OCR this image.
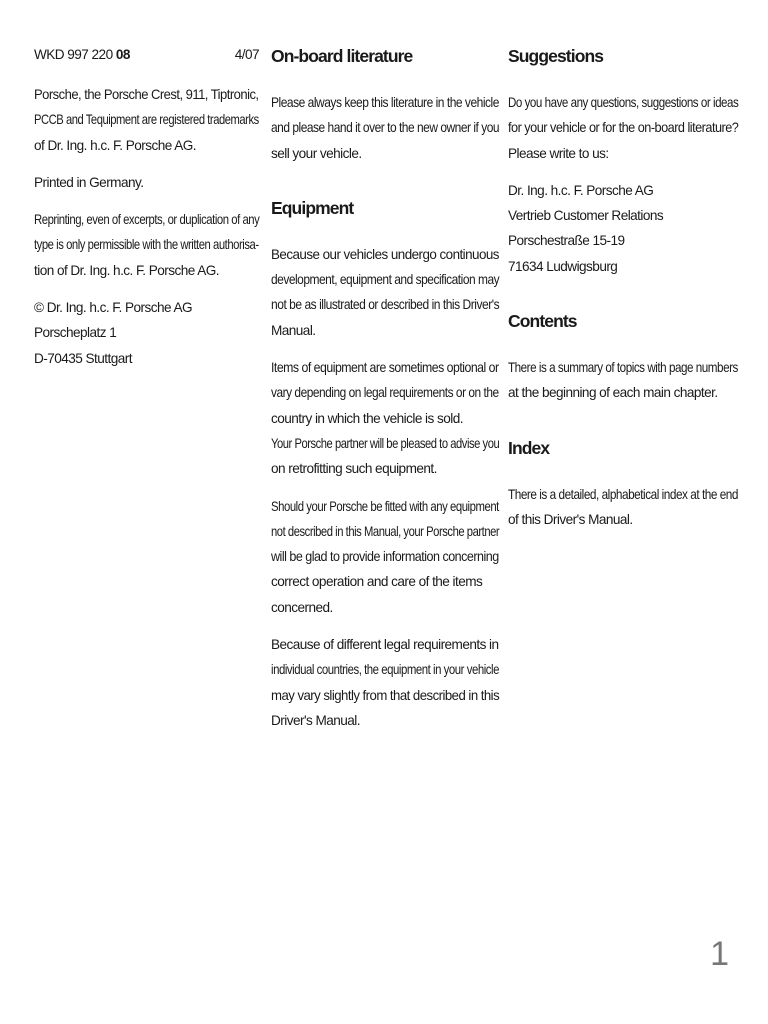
WKD 997 220 08	4/07

Porsche, the Porsche Crest, 911, Tiptronic,
PCCB and Tequipment are registered trademarks
of Dr. Ing. h.c. F. Porsche AG.

Printed in Germany.

Reprinting, even of excerpts, or duplication of any
type is only permissible with the written authorisa-
tion of Dr. Ing. h.c. F. Porsche AG.

© Dr. Ing. h.c. F. Porsche AG
Porscheplatz 1
D-70435 Stuttgart

On-board literature

Please always keep this literature in the vehicle
and please hand it over to the new owner if you
sell your vehicle.

Equipment

Because our vehicles undergo continuous
development, equipment and specification may
not be as illustrated or described in this Driver's
Manual.

Items of equipment are sometimes optional or
vary depending on legal requirements or on the
country in which the vehicle is sold.
Your Porsche partner will be pleased to advise you
on retrofitting such equipment.

Should your Porsche be fitted with any equipment
not described in this Manual, your Porsche partner
will be glad to provide information concerning
correct operation and care of the items
concerned.

Because of different legal requirements in
individual countries, the equipment in your vehicle
may vary slightly from that described in this
Driver's Manual.

Suggestions

Do you have any questions, suggestions or ideas
for your vehicle or for the on-board literature?
Please write to us:

Dr. Ing. h.c. F. Porsche AG
Vertrieb Customer Relations
Porschestraße 15-19
71634 Ludwigsburg

Contents

There is a summary of topics with page numbers
at the beginning of each main chapter.

Index

There is a detailed, alphabetical index at the end
of this Driver's Manual.

1
